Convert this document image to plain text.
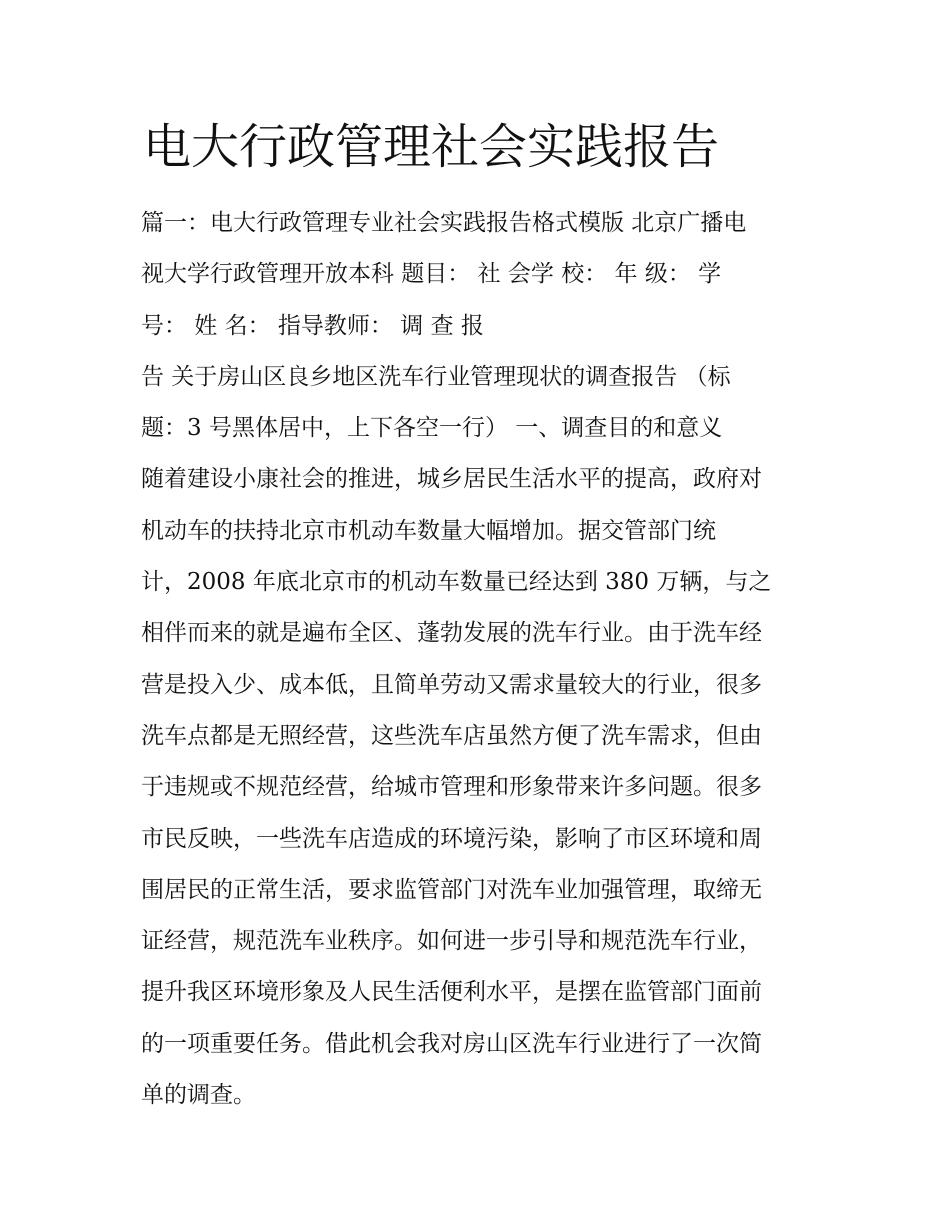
电大行政管理社会实践报告
篇一：电大行政管理专业社会实践报告格式模版 北京广播电
视大学行政管理开放本科 题目： 社 会学 校： 年 级： 学
号： 姓 名： 指导教师： 调 查 报
告 关于房山区良乡地区洗车行业管理现状的调查报告 （标
题：3 号黑体居中，上下各空一行） 一、调查目的和意义
随着建设小康社会的推进，城乡居民生活水平的提高，政府对
机动车的扶持北京市机动车数量大幅增加。据交管部门统
计，2008 年底北京市的机动车数量已经达到 380 万辆，与之
相伴而来的就是遍布全区、蓬勃发展的洗车行业。由于洗车经
营是投入少、成本低，且简单劳动又需求量较大的行业，很多
洗车点都是无照经营，这些洗车店虽然方便了洗车需求，但由
于违规或不规范经营，给城市管理和形象带来许多问题。很多
市民反映，一些洗车店造成的环境污染，影响了市区环境和周
围居民的正常生活，要求监管部门对洗车业加强管理，取缔无
证经营，规范洗车业秩序。如何进一步引导和规范洗车行业，
提升我区环境形象及人民生活便利水平，是摆在监管部门面前
的一项重要任务。借此机会我对房山区洗车行业进行了一次简
单的调查。
